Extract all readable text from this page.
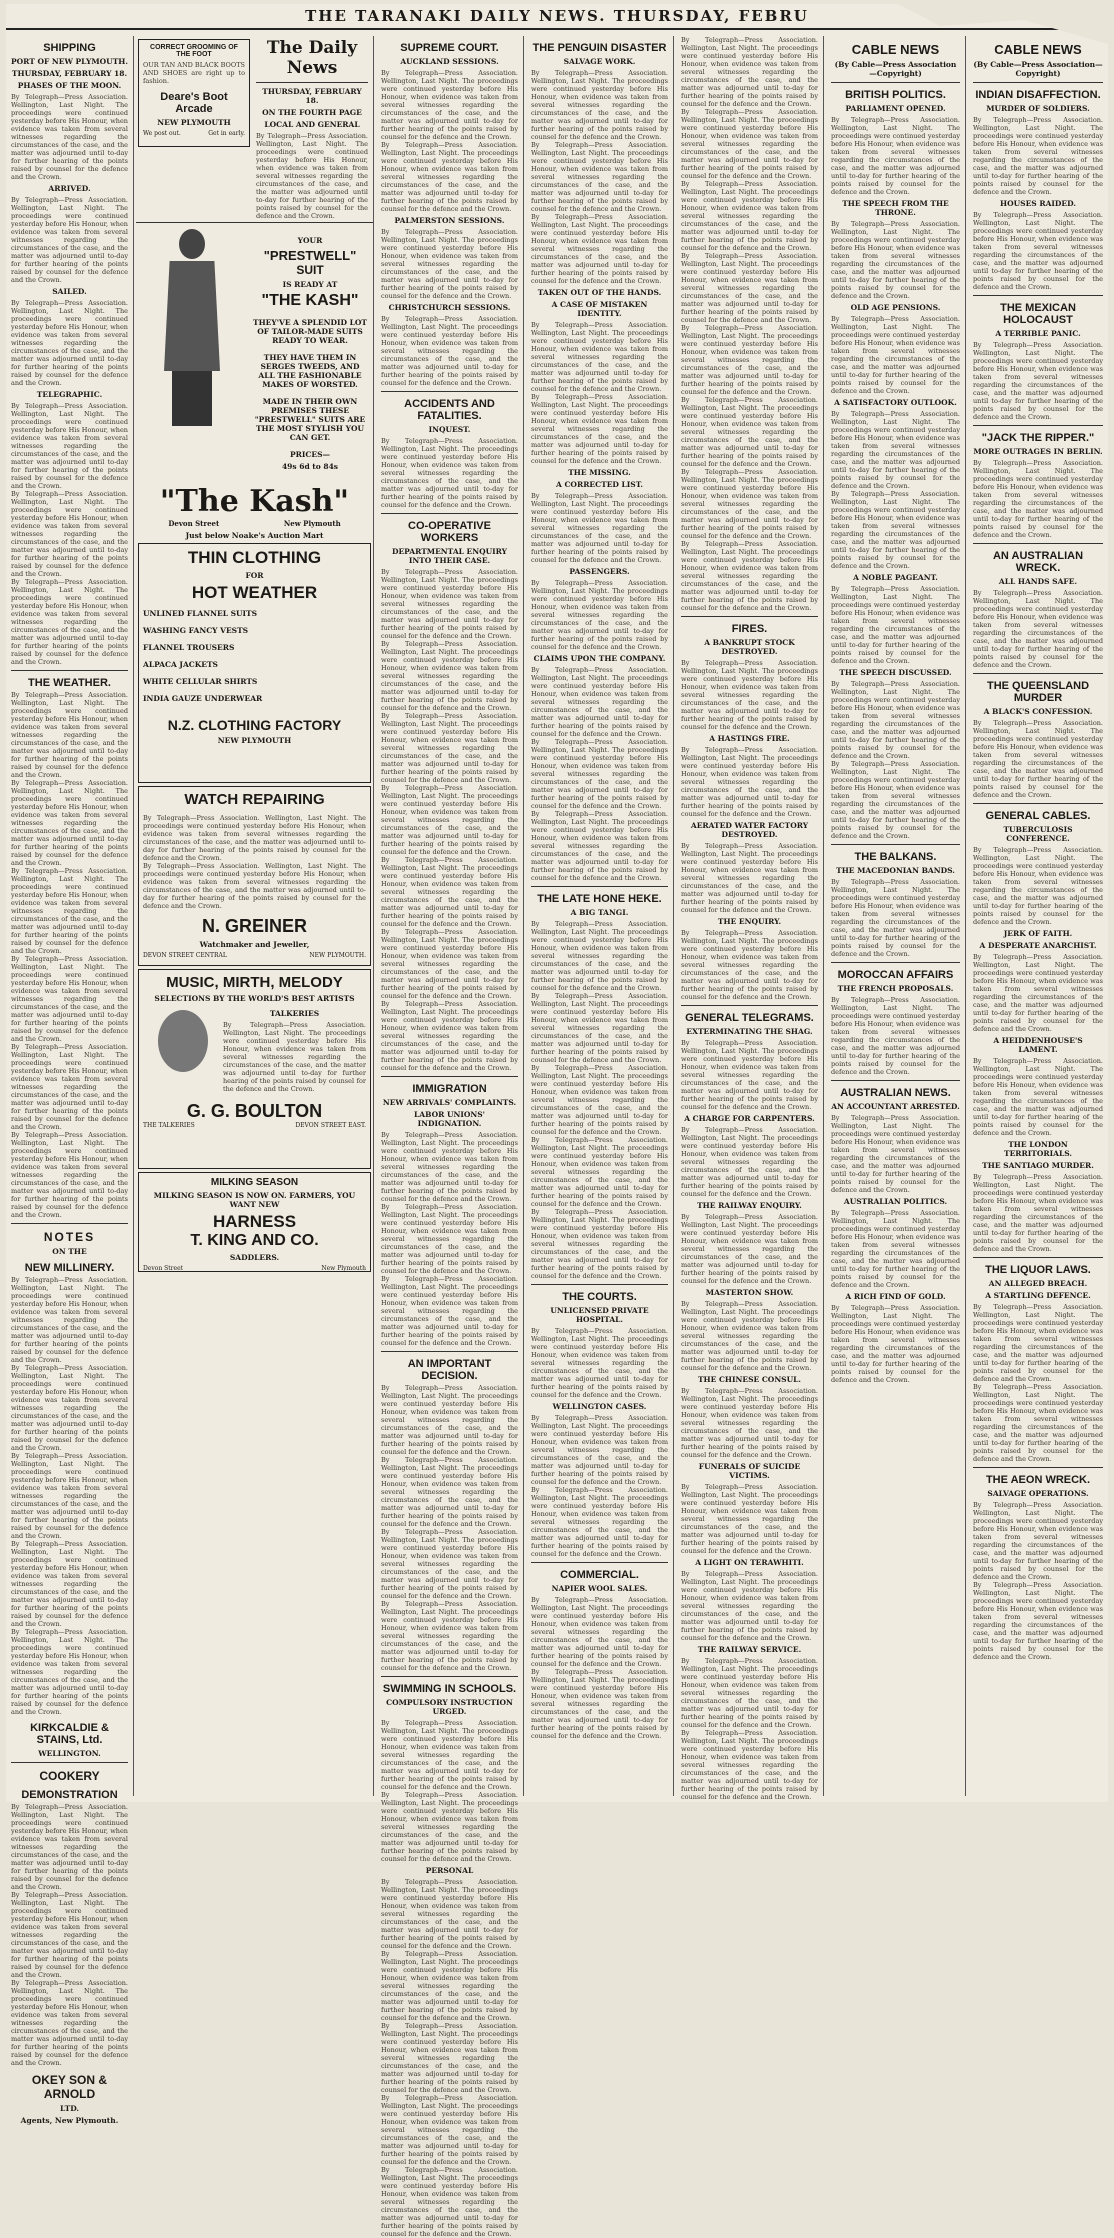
THE TARANAKI DAILY NEWS. THURSDAY, FEBRU
SHIPPING
PORT OF NEW PLYMOUTH.
THURSDAY, FEBRUARY 18.
PHASES OF THE MOON.
By Telegraph—Press Association. Wellington, Last Night. The proceedings were continued yesterday before His Honour, when evidence was taken from several witnesses regarding the circumstances of the case, and the matter was adjourned until to-day for further hearing of the points raised by counsel for the defence and the Crown.
ARRIVED.
By Telegraph—Press Association. Wellington, Last Night. The proceedings were continued yesterday before His Honour, when evidence was taken from several witnesses regarding the circumstances of the case, and the matter was adjourned until to-day for further hearing of the points raised by counsel for the defence and the Crown.
SAILED.
By Telegraph—Press Association. Wellington, Last Night. The proceedings were continued yesterday before His Honour, when evidence was taken from several witnesses regarding the circumstances of the case, and the matter was adjourned until to-day for further hearing of the points raised by counsel for the defence and the Crown.
TELEGRAPHIC.
By Telegraph—Press Association. Wellington, Last Night. The proceedings were continued yesterday before His Honour, when evidence was taken from several witnesses regarding the circumstances of the case, and the matter was adjourned until to-day for further hearing of the points raised by counsel for the defence and the Crown.
By Telegraph—Press Association. Wellington, Last Night. The proceedings were continued yesterday before His Honour, when evidence was taken from several witnesses regarding the circumstances of the case, and the matter was adjourned until to-day for further hearing of the points raised by counsel for the defence and the Crown.
By Telegraph—Press Association. Wellington, Last Night. The proceedings were continued yesterday before His Honour, when evidence was taken from several witnesses regarding the circumstances of the case, and the matter was adjourned until to-day for further hearing of the points raised by counsel for the defence and the Crown.
THE WEATHER.
By Telegraph—Press Association. Wellington, Last Night. The proceedings were continued yesterday before His Honour, when evidence was taken from several witnesses regarding the circumstances of the case, and the matter was adjourned until to-day for further hearing of the points raised by counsel for the defence and the Crown.
By Telegraph—Press Association. Wellington, Last Night. The proceedings were continued yesterday before His Honour, when evidence was taken from several witnesses regarding the circumstances of the case, and the matter was adjourned until to-day for further hearing of the points raised by counsel for the defence and the Crown.
By Telegraph—Press Association. Wellington, Last Night. The proceedings were continued yesterday before His Honour, when evidence was taken from several witnesses regarding the circumstances of the case, and the matter was adjourned until to-day for further hearing of the points raised by counsel for the defence and the Crown.
By Telegraph—Press Association. Wellington, Last Night. The proceedings were continued yesterday before His Honour, when evidence was taken from several witnesses regarding the circumstances of the case, and the matter was adjourned until to-day for further hearing of the points raised by counsel for the defence and the Crown.
By Telegraph—Press Association. Wellington, Last Night. The proceedings were continued yesterday before His Honour, when evidence was taken from several witnesses regarding the circumstances of the case, and the matter was adjourned until to-day for further hearing of the points raised by counsel for the defence and the Crown.
By Telegraph—Press Association. Wellington, Last Night. The proceedings were continued yesterday before His Honour, when evidence was taken from several witnesses regarding the circumstances of the case, and the matter was adjourned until to-day for further hearing of the points raised by counsel for the defence and the Crown.
NOTES
ON THE
NEW MILLINERY.
By Telegraph—Press Association. Wellington, Last Night. The proceedings were continued yesterday before His Honour, when evidence was taken from several witnesses regarding the circumstances of the case, and the matter was adjourned until to-day for further hearing of the points raised by counsel for the defence and the Crown.
By Telegraph—Press Association. Wellington, Last Night. The proceedings were continued yesterday before His Honour, when evidence was taken from several witnesses regarding the circumstances of the case, and the matter was adjourned until to-day for further hearing of the points raised by counsel for the defence and the Crown.
By Telegraph—Press Association. Wellington, Last Night. The proceedings were continued yesterday before His Honour, when evidence was taken from several witnesses regarding the circumstances of the case, and the matter was adjourned until to-day for further hearing of the points raised by counsel for the defence and the Crown.
By Telegraph—Press Association. Wellington, Last Night. The proceedings were continued yesterday before His Honour, when evidence was taken from several witnesses regarding the circumstances of the case, and the matter was adjourned until to-day for further hearing of the points raised by counsel for the defence and the Crown.
By Telegraph—Press Association. Wellington, Last Night. The proceedings were continued yesterday before His Honour, when evidence was taken from several witnesses regarding the circumstances of the case, and the matter was adjourned until to-day for further hearing of the points raised by counsel for the defence and the Crown.
KIRKCALDIE & STAINS, Ltd.
WELLINGTON.
COOKERY
DEMONSTRATION
By Telegraph—Press Association. Wellington, Last Night. The proceedings were continued yesterday before His Honour, when evidence was taken from several witnesses regarding the circumstances of the case, and the matter was adjourned until to-day for further hearing of the points raised by counsel for the defence and the Crown.
By Telegraph—Press Association. Wellington, Last Night. The proceedings were continued yesterday before His Honour, when evidence was taken from several witnesses regarding the circumstances of the case, and the matter was adjourned until to-day for further hearing of the points raised by counsel for the defence and the Crown.
By Telegraph—Press Association. Wellington, Last Night. The proceedings were continued yesterday before His Honour, when evidence was taken from several witnesses regarding the circumstances of the case, and the matter was adjourned until to-day for further hearing of the points raised by counsel for the defence and the Crown.
OKEY SON & ARNOLD
LTD.
Agents, New Plymouth.
CORRECT GROOMING OF THE FOOT
OUR TAN AND BLACK BOOTS AND SHOES are right up to fashion.
Deare's Boot Arcade
NEW PLYMOUTH
We post out.	Get in early.
The Daily News
THURSDAY, FEBRUARY 18.
ON THE FOURTH PAGE
LOCAL AND GENERAL
By Telegraph—Press Association. Wellington, Last Night. The proceedings were continued yesterday before His Honour, when evidence was taken from several witnesses regarding the circumstances of the case, and the matter was adjourned until to-day for further hearing of the points raised by counsel for the defence and the Crown.
YOUR
"PRESTWELL"
SUIT
IS READY AT
"THE KASH"
THEY'VE A SPLENDID LOT OF TAILOR-MADE SUITS READY TO WEAR.
THEY HAVE THEM IN SERGES TWEEDS, AND ALL THE FASHIONABLE MAKES OF WORSTED.
MADE IN THEIR OWN PREMISES THESE "PRESTWELL" SUITS ARE THE MOST STYLISH YOU CAN GET.
PRICES—
49s 6d to 84s
"The Kash"
Devon Street	New Plymouth
Just below Noake's Auction Mart
THIN CLOTHING
FOR
HOT WEATHER
UNLINED FLANNEL SUITS
WASHING FANCY VESTS
FLANNEL TROUSERS
ALPACA JACKETS
WHITE CELLULAR SHIRTS
INDIA GAUZE UNDERWEAR
N.Z. CLOTHING FACTORY
NEW PLYMOUTH
WATCH REPAIRING
By Telegraph—Press Association. Wellington, Last Night. The proceedings were continued yesterday before His Honour, when evidence was taken from several witnesses regarding the circumstances of the case, and the matter was adjourned until to-day for further hearing of the points raised by counsel for the defence and the Crown.
By Telegraph—Press Association. Wellington, Last Night. The proceedings were continued yesterday before His Honour, when evidence was taken from several witnesses regarding the circumstances of the case, and the matter was adjourned until to-day for further hearing of the points raised by counsel for the defence and the Crown.
N. GREINER
Watchmaker and Jeweller,
DEVON STREET CENTRAL	NEW PLYMOUTH.
MUSIC, MIRTH, MELODY
SELECTIONS BY THE WORLD'S BEST ARTISTS
TALKERIES
By Telegraph—Press Association. Wellington, Last Night. The proceedings were continued yesterday before His Honour, when evidence was taken from several witnesses regarding the circumstances of the case, and the matter was adjourned until to-day for further hearing of the points raised by counsel for the defence and the Crown.
G. G. BOULTON
THE TALKERIES	DEVON STREET EAST.
MILKING SEASON
MILKING SEASON IS NOW ON. FARMERS, YOU WANT NEW
HARNESS
T. KING AND CO.
SADDLERS.
Devon Street	New Plymouth
SUPREME COURT.
AUCKLAND SESSIONS.
By Telegraph—Press Association. Wellington, Last Night. The proceedings were continued yesterday before His Honour, when evidence was taken from several witnesses regarding the circumstances of the case, and the matter was adjourned until to-day for further hearing of the points raised by counsel for the defence and the Crown.
By Telegraph—Press Association. Wellington, Last Night. The proceedings were continued yesterday before His Honour, when evidence was taken from several witnesses regarding the circumstances of the case, and the matter was adjourned until to-day for further hearing of the points raised by counsel for the defence and the Crown.
PALMERSTON SESSIONS.
By Telegraph—Press Association. Wellington, Last Night. The proceedings were continued yesterday before His Honour, when evidence was taken from several witnesses regarding the circumstances of the case, and the matter was adjourned until to-day for further hearing of the points raised by counsel for the defence and the Crown.
CHRISTCHURCH SESSIONS.
By Telegraph—Press Association. Wellington, Last Night. The proceedings were continued yesterday before His Honour, when evidence was taken from several witnesses regarding the circumstances of the case, and the matter was adjourned until to-day for further hearing of the points raised by counsel for the defence and the Crown.
ACCIDENTS AND FATALITIES.
INQUEST.
By Telegraph—Press Association. Wellington, Last Night. The proceedings were continued yesterday before His Honour, when evidence was taken from several witnesses regarding the circumstances of the case, and the matter was adjourned until to-day for further hearing of the points raised by counsel for the defence and the Crown.
CO-OPERATIVE WORKERS
DEPARTMENTAL ENQUIRY INTO THEIR CASE.
By Telegraph—Press Association. Wellington, Last Night. The proceedings were continued yesterday before His Honour, when evidence was taken from several witnesses regarding the circumstances of the case, and the matter was adjourned until to-day for further hearing of the points raised by counsel for the defence and the Crown.
By Telegraph—Press Association. Wellington, Last Night. The proceedings were continued yesterday before His Honour, when evidence was taken from several witnesses regarding the circumstances of the case, and the matter was adjourned until to-day for further hearing of the points raised by counsel for the defence and the Crown.
By Telegraph—Press Association. Wellington, Last Night. The proceedings were continued yesterday before His Honour, when evidence was taken from several witnesses regarding the circumstances of the case, and the matter was adjourned until to-day for further hearing of the points raised by counsel for the defence and the Crown.
By Telegraph—Press Association. Wellington, Last Night. The proceedings were continued yesterday before His Honour, when evidence was taken from several witnesses regarding the circumstances of the case, and the matter was adjourned until to-day for further hearing of the points raised by counsel for the defence and the Crown.
By Telegraph—Press Association. Wellington, Last Night. The proceedings were continued yesterday before His Honour, when evidence was taken from several witnesses regarding the circumstances of the case, and the matter was adjourned until to-day for further hearing of the points raised by counsel for the defence and the Crown.
By Telegraph—Press Association. Wellington, Last Night. The proceedings were continued yesterday before His Honour, when evidence was taken from several witnesses regarding the circumstances of the case, and the matter was adjourned until to-day for further hearing of the points raised by counsel for the defence and the Crown.
By Telegraph—Press Association. Wellington, Last Night. The proceedings were continued yesterday before His Honour, when evidence was taken from several witnesses regarding the circumstances of the case, and the matter was adjourned until to-day for further hearing of the points raised by counsel for the defence and the Crown.
IMMIGRATION
NEW ARRIVALS' COMPLAINTS.
LABOR UNIONS' INDIGNATION.
By Telegraph—Press Association. Wellington, Last Night. The proceedings were continued yesterday before His Honour, when evidence was taken from several witnesses regarding the circumstances of the case, and the matter was adjourned until to-day for further hearing of the points raised by counsel for the defence and the Crown.
By Telegraph—Press Association. Wellington, Last Night. The proceedings were continued yesterday before His Honour, when evidence was taken from several witnesses regarding the circumstances of the case, and the matter was adjourned until to-day for further hearing of the points raised by counsel for the defence and the Crown.
By Telegraph—Press Association. Wellington, Last Night. The proceedings were continued yesterday before His Honour, when evidence was taken from several witnesses regarding the circumstances of the case, and the matter was adjourned until to-day for further hearing of the points raised by counsel for the defence and the Crown.
AN IMPORTANT DECISION.
By Telegraph—Press Association. Wellington, Last Night. The proceedings were continued yesterday before His Honour, when evidence was taken from several witnesses regarding the circumstances of the case, and the matter was adjourned until to-day for further hearing of the points raised by counsel for the defence and the Crown.
By Telegraph—Press Association. Wellington, Last Night. The proceedings were continued yesterday before His Honour, when evidence was taken from several witnesses regarding the circumstances of the case, and the matter was adjourned until to-day for further hearing of the points raised by counsel for the defence and the Crown.
By Telegraph—Press Association. Wellington, Last Night. The proceedings were continued yesterday before His Honour, when evidence was taken from several witnesses regarding the circumstances of the case, and the matter was adjourned until to-day for further hearing of the points raised by counsel for the defence and the Crown.
By Telegraph—Press Association. Wellington, Last Night. The proceedings were continued yesterday before His Honour, when evidence was taken from several witnesses regarding the circumstances of the case, and the matter was adjourned until to-day for further hearing of the points raised by counsel for the defence and the Crown.
SWIMMING IN SCHOOLS.
COMPULSORY INSTRUCTION URGED.
By Telegraph—Press Association. Wellington, Last Night. The proceedings were continued yesterday before His Honour, when evidence was taken from several witnesses regarding the circumstances of the case, and the matter was adjourned until to-day for further hearing of the points raised by counsel for the defence and the Crown.
By Telegraph—Press Association. Wellington, Last Night. The proceedings were continued yesterday before His Honour, when evidence was taken from several witnesses regarding the circumstances of the case, and the matter was adjourned until to-day for further hearing of the points raised by counsel for the defence and the Crown.
PERSONAL
By Telegraph—Press Association. Wellington, Last Night. The proceedings were continued yesterday before His Honour, when evidence was taken from several witnesses regarding the circumstances of the case, and the matter was adjourned until to-day for further hearing of the points raised by counsel for the defence and the Crown.
By Telegraph—Press Association. Wellington, Last Night. The proceedings were continued yesterday before His Honour, when evidence was taken from several witnesses regarding the circumstances of the case, and the matter was adjourned until to-day for further hearing of the points raised by counsel for the defence and the Crown.
By Telegraph—Press Association. Wellington, Last Night. The proceedings were continued yesterday before His Honour, when evidence was taken from several witnesses regarding the circumstances of the case, and the matter was adjourned until to-day for further hearing of the points raised by counsel for the defence and the Crown.
By Telegraph—Press Association. Wellington, Last Night. The proceedings were continued yesterday before His Honour, when evidence was taken from several witnesses regarding the circumstances of the case, and the matter was adjourned until to-day for further hearing of the points raised by counsel for the defence and the Crown.
By Telegraph—Press Association. Wellington, Last Night. The proceedings were continued yesterday before His Honour, when evidence was taken from several witnesses regarding the circumstances of the case, and the matter was adjourned until to-day for further hearing of the points raised by counsel for the defence and the Crown.
THE PENGUIN DISASTER
SALVAGE WORK.
By Telegraph—Press Association. Wellington, Last Night. The proceedings were continued yesterday before His Honour, when evidence was taken from several witnesses regarding the circumstances of the case, and the matter was adjourned until to-day for further hearing of the points raised by counsel for the defence and the Crown.
By Telegraph—Press Association. Wellington, Last Night. The proceedings were continued yesterday before His Honour, when evidence was taken from several witnesses regarding the circumstances of the case, and the matter was adjourned until to-day for further hearing of the points raised by counsel for the defence and the Crown.
By Telegraph—Press Association. Wellington, Last Night. The proceedings were continued yesterday before His Honour, when evidence was taken from several witnesses regarding the circumstances of the case, and the matter was adjourned until to-day for further hearing of the points raised by counsel for the defence and the Crown.
TAKEN OUT OF THE HANDS.
A CASE OF MISTAKEN IDENTITY.
By Telegraph—Press Association. Wellington, Last Night. The proceedings were continued yesterday before His Honour, when evidence was taken from several witnesses regarding the circumstances of the case, and the matter was adjourned until to-day for further hearing of the points raised by counsel for the defence and the Crown.
By Telegraph—Press Association. Wellington, Last Night. The proceedings were continued yesterday before His Honour, when evidence was taken from several witnesses regarding the circumstances of the case, and the matter was adjourned until to-day for further hearing of the points raised by counsel for the defence and the Crown.
THE MISSING.
A CORRECTED LIST.
By Telegraph—Press Association. Wellington, Last Night. The proceedings were continued yesterday before His Honour, when evidence was taken from several witnesses regarding the circumstances of the case, and the matter was adjourned until to-day for further hearing of the points raised by counsel for the defence and the Crown.
PASSENGERS.
By Telegraph—Press Association. Wellington, Last Night. The proceedings were continued yesterday before His Honour, when evidence was taken from several witnesses regarding the circumstances of the case, and the matter was adjourned until to-day for further hearing of the points raised by counsel for the defence and the Crown.
CLAIMS UPON THE COMPANY.
By Telegraph—Press Association. Wellington, Last Night. The proceedings were continued yesterday before His Honour, when evidence was taken from several witnesses regarding the circumstances of the case, and the matter was adjourned until to-day for further hearing of the points raised by counsel for the defence and the Crown.
By Telegraph—Press Association. Wellington, Last Night. The proceedings were continued yesterday before His Honour, when evidence was taken from several witnesses regarding the circumstances of the case, and the matter was adjourned until to-day for further hearing of the points raised by counsel for the defence and the Crown.
By Telegraph—Press Association. Wellington, Last Night. The proceedings were continued yesterday before His Honour, when evidence was taken from several witnesses regarding the circumstances of the case, and the matter was adjourned until to-day for further hearing of the points raised by counsel for the defence and the Crown.
THE LATE HONE HEKE.
A BIG TANGI.
By Telegraph—Press Association. Wellington, Last Night. The proceedings were continued yesterday before His Honour, when evidence was taken from several witnesses regarding the circumstances of the case, and the matter was adjourned until to-day for further hearing of the points raised by counsel for the defence and the Crown.
By Telegraph—Press Association. Wellington, Last Night. The proceedings were continued yesterday before His Honour, when evidence was taken from several witnesses regarding the circumstances of the case, and the matter was adjourned until to-day for further hearing of the points raised by counsel for the defence and the Crown.
By Telegraph—Press Association. Wellington, Last Night. The proceedings were continued yesterday before His Honour, when evidence was taken from several witnesses regarding the circumstances of the case, and the matter was adjourned until to-day for further hearing of the points raised by counsel for the defence and the Crown.
By Telegraph—Press Association. Wellington, Last Night. The proceedings were continued yesterday before His Honour, when evidence was taken from several witnesses regarding the circumstances of the case, and the matter was adjourned until to-day for further hearing of the points raised by counsel for the defence and the Crown.
By Telegraph—Press Association. Wellington, Last Night. The proceedings were continued yesterday before His Honour, when evidence was taken from several witnesses regarding the circumstances of the case, and the matter was adjourned until to-day for further hearing of the points raised by counsel for the defence and the Crown.
THE COURTS.
UNLICENSED PRIVATE HOSPITAL.
By Telegraph—Press Association. Wellington, Last Night. The proceedings were continued yesterday before His Honour, when evidence was taken from several witnesses regarding the circumstances of the case, and the matter was adjourned until to-day for further hearing of the points raised by counsel for the defence and the Crown.
WELLINGTON CASES.
By Telegraph—Press Association. Wellington, Last Night. The proceedings were continued yesterday before His Honour, when evidence was taken from several witnesses regarding the circumstances of the case, and the matter was adjourned until to-day for further hearing of the points raised by counsel for the defence and the Crown.
By Telegraph—Press Association. Wellington, Last Night. The proceedings were continued yesterday before His Honour, when evidence was taken from several witnesses regarding the circumstances of the case, and the matter was adjourned until to-day for further hearing of the points raised by counsel for the defence and the Crown.
COMMERCIAL.
NAPIER WOOL SALES.
By Telegraph—Press Association. Wellington, Last Night. The proceedings were continued yesterday before His Honour, when evidence was taken from several witnesses regarding the circumstances of the case, and the matter was adjourned until to-day for further hearing of the points raised by counsel for the defence and the Crown.
By Telegraph—Press Association. Wellington, Last Night. The proceedings were continued yesterday before His Honour, when evidence was taken from several witnesses regarding the circumstances of the case, and the matter was adjourned until to-day for further hearing of the points raised by counsel for the defence and the Crown.
By Telegraph—Press Association. Wellington, Last Night. The proceedings were continued yesterday before His Honour, when evidence was taken from several witnesses regarding the circumstances of the case, and the matter was adjourned until to-day for further hearing of the points raised by counsel for the defence and the Crown.
By Telegraph—Press Association. Wellington, Last Night. The proceedings were continued yesterday before His Honour, when evidence was taken from several witnesses regarding the circumstances of the case, and the matter was adjourned until to-day for further hearing of the points raised by counsel for the defence and the Crown.
By Telegraph—Press Association. Wellington, Last Night. The proceedings were continued yesterday before His Honour, when evidence was taken from several witnesses regarding the circumstances of the case, and the matter was adjourned until to-day for further hearing of the points raised by counsel for the defence and the Crown.
By Telegraph—Press Association. Wellington, Last Night. The proceedings were continued yesterday before His Honour, when evidence was taken from several witnesses regarding the circumstances of the case, and the matter was adjourned until to-day for further hearing of the points raised by counsel for the defence and the Crown.
By Telegraph—Press Association. Wellington, Last Night. The proceedings were continued yesterday before His Honour, when evidence was taken from several witnesses regarding the circumstances of the case, and the matter was adjourned until to-day for further hearing of the points raised by counsel for the defence and the Crown.
By Telegraph—Press Association. Wellington, Last Night. The proceedings were continued yesterday before His Honour, when evidence was taken from several witnesses regarding the circumstances of the case, and the matter was adjourned until to-day for further hearing of the points raised by counsel for the defence and the Crown.
By Telegraph—Press Association. Wellington, Last Night. The proceedings were continued yesterday before His Honour, when evidence was taken from several witnesses regarding the circumstances of the case, and the matter was adjourned until to-day for further hearing of the points raised by counsel for the defence and the Crown.
By Telegraph—Press Association. Wellington, Last Night. The proceedings were continued yesterday before His Honour, when evidence was taken from several witnesses regarding the circumstances of the case, and the matter was adjourned until to-day for further hearing of the points raised by counsel for the defence and the Crown.
FIRES.
A BANKRUPT STOCK DESTROYED.
By Telegraph—Press Association. Wellington, Last Night. The proceedings were continued yesterday before His Honour, when evidence was taken from several witnesses regarding the circumstances of the case, and the matter was adjourned until to-day for further hearing of the points raised by counsel for the defence and the Crown.
A HASTINGS FIRE.
By Telegraph—Press Association. Wellington, Last Night. The proceedings were continued yesterday before His Honour, when evidence was taken from several witnesses regarding the circumstances of the case, and the matter was adjourned until to-day for further hearing of the points raised by counsel for the defence and the Crown.
AERATED WATER FACTORY DESTROYED.
By Telegraph—Press Association. Wellington, Last Night. The proceedings were continued yesterday before His Honour, when evidence was taken from several witnesses regarding the circumstances of the case, and the matter was adjourned until to-day for further hearing of the points raised by counsel for the defence and the Crown.
THE ENQUIRY.
By Telegraph—Press Association. Wellington, Last Night. The proceedings were continued yesterday before His Honour, when evidence was taken from several witnesses regarding the circumstances of the case, and the matter was adjourned until to-day for further hearing of the points raised by counsel for the defence and the Crown.
GENERAL TELEGRAMS.
EXTERMINATING THE SHAG.
By Telegraph—Press Association. Wellington, Last Night. The proceedings were continued yesterday before His Honour, when evidence was taken from several witnesses regarding the circumstances of the case, and the matter was adjourned until to-day for further hearing of the points raised by counsel for the defence and the Crown.
A CHARGE FOR CARPENTERS.
By Telegraph—Press Association. Wellington, Last Night. The proceedings were continued yesterday before His Honour, when evidence was taken from several witnesses regarding the circumstances of the case, and the matter was adjourned until to-day for further hearing of the points raised by counsel for the defence and the Crown.
THE RAILWAY ENQUIRY.
By Telegraph—Press Association. Wellington, Last Night. The proceedings were continued yesterday before His Honour, when evidence was taken from several witnesses regarding the circumstances of the case, and the matter was adjourned until to-day for further hearing of the points raised by counsel for the defence and the Crown.
MASTERTON SHOW.
By Telegraph—Press Association. Wellington, Last Night. The proceedings were continued yesterday before His Honour, when evidence was taken from several witnesses regarding the circumstances of the case, and the matter was adjourned until to-day for further hearing of the points raised by counsel for the defence and the Crown.
THE CHINESE CONSUL.
By Telegraph—Press Association. Wellington, Last Night. The proceedings were continued yesterday before His Honour, when evidence was taken from several witnesses regarding the circumstances of the case, and the matter was adjourned until to-day for further hearing of the points raised by counsel for the defence and the Crown.
FUNERALS OF SUICIDE VICTIMS.
By Telegraph—Press Association. Wellington, Last Night. The proceedings were continued yesterday before His Honour, when evidence was taken from several witnesses regarding the circumstances of the case, and the matter was adjourned until to-day for further hearing of the points raised by counsel for the defence and the Crown.
A LIGHT ON TERAWHITI.
By Telegraph—Press Association. Wellington, Last Night. The proceedings were continued yesterday before His Honour, when evidence was taken from several witnesses regarding the circumstances of the case, and the matter was adjourned until to-day for further hearing of the points raised by counsel for the defence and the Crown.
THE RAILWAY SERVICE.
By Telegraph—Press Association. Wellington, Last Night. The proceedings were continued yesterday before His Honour, when evidence was taken from several witnesses regarding the circumstances of the case, and the matter was adjourned until to-day for further hearing of the points raised by counsel for the defence and the Crown.
By Telegraph—Press Association. Wellington, Last Night. The proceedings were continued yesterday before His Honour, when evidence was taken from several witnesses regarding the circumstances of the case, and the matter was adjourned until to-day for further hearing of the points raised by counsel for the defence and the Crown.
CABLE NEWS
(By Cable—Press Association—Copyright)
BRITISH POLITICS.
PARLIAMENT OPENED.
By Telegraph—Press Association. Wellington, Last Night. The proceedings were continued yesterday before His Honour, when evidence was taken from several witnesses regarding the circumstances of the case, and the matter was adjourned until to-day for further hearing of the points raised by counsel for the defence and the Crown.
THE SPEECH FROM THE THRONE.
By Telegraph—Press Association. Wellington, Last Night. The proceedings were continued yesterday before His Honour, when evidence was taken from several witnesses regarding the circumstances of the case, and the matter was adjourned until to-day for further hearing of the points raised by counsel for the defence and the Crown.
OLD AGE PENSIONS.
By Telegraph—Press Association. Wellington, Last Night. The proceedings were continued yesterday before His Honour, when evidence was taken from several witnesses regarding the circumstances of the case, and the matter was adjourned until to-day for further hearing of the points raised by counsel for the defence and the Crown.
A SATISFACTORY OUTLOOK.
By Telegraph—Press Association. Wellington, Last Night. The proceedings were continued yesterday before His Honour, when evidence was taken from several witnesses regarding the circumstances of the case, and the matter was adjourned until to-day for further hearing of the points raised by counsel for the defence and the Crown.
By Telegraph—Press Association. Wellington, Last Night. The proceedings were continued yesterday before His Honour, when evidence was taken from several witnesses regarding the circumstances of the case, and the matter was adjourned until to-day for further hearing of the points raised by counsel for the defence and the Crown.
A NOBLE PAGEANT.
By Telegraph—Press Association. Wellington, Last Night. The proceedings were continued yesterday before His Honour, when evidence was taken from several witnesses regarding the circumstances of the case, and the matter was adjourned until to-day for further hearing of the points raised by counsel for the defence and the Crown.
THE SPEECH DISCUSSED.
By Telegraph—Press Association. Wellington, Last Night. The proceedings were continued yesterday before His Honour, when evidence was taken from several witnesses regarding the circumstances of the case, and the matter was adjourned until to-day for further hearing of the points raised by counsel for the defence and the Crown.
By Telegraph—Press Association. Wellington, Last Night. The proceedings were continued yesterday before His Honour, when evidence was taken from several witnesses regarding the circumstances of the case, and the matter was adjourned until to-day for further hearing of the points raised by counsel for the defence and the Crown.
THE BALKANS.
THE MACEDONIAN BANDS.
By Telegraph—Press Association. Wellington, Last Night. The proceedings were continued yesterday before His Honour, when evidence was taken from several witnesses regarding the circumstances of the case, and the matter was adjourned until to-day for further hearing of the points raised by counsel for the defence and the Crown.
MOROCCAN AFFAIRS
THE FRENCH PROPOSALS.
By Telegraph—Press Association. Wellington, Last Night. The proceedings were continued yesterday before His Honour, when evidence was taken from several witnesses regarding the circumstances of the case, and the matter was adjourned until to-day for further hearing of the points raised by counsel for the defence and the Crown.
AUSTRALIAN NEWS.
AN ACCOUNTANT ARRESTED.
By Telegraph—Press Association. Wellington, Last Night. The proceedings were continued yesterday before His Honour, when evidence was taken from several witnesses regarding the circumstances of the case, and the matter was adjourned until to-day for further hearing of the points raised by counsel for the defence and the Crown.
AUSTRALIAN POLITICS.
By Telegraph—Press Association. Wellington, Last Night. The proceedings were continued yesterday before His Honour, when evidence was taken from several witnesses regarding the circumstances of the case, and the matter was adjourned until to-day for further hearing of the points raised by counsel for the defence and the Crown.
A RICH FIND OF GOLD.
By Telegraph—Press Association. Wellington, Last Night. The proceedings were continued yesterday before His Honour, when evidence was taken from several witnesses regarding the circumstances of the case, and the matter was adjourned until to-day for further hearing of the points raised by counsel for the defence and the Crown.
CABLE NEWS
(By Cable—Press Association—Copyright)
INDIAN DISAFFECTION.
MURDER OF SOLDIERS.
By Telegraph—Press Association. Wellington, Last Night. The proceedings were continued yesterday before His Honour, when evidence was taken from several witnesses regarding the circumstances of the case, and the matter was adjourned until to-day for further hearing of the points raised by counsel for the defence and the Crown.
HOUSES RAIDED.
By Telegraph—Press Association. Wellington, Last Night. The proceedings were continued yesterday before His Honour, when evidence was taken from several witnesses regarding the circumstances of the case, and the matter was adjourned until to-day for further hearing of the points raised by counsel for the defence and the Crown.
THE MEXICAN HOLOCAUST
A TERRIBLE PANIC.
By Telegraph—Press Association. Wellington, Last Night. The proceedings were continued yesterday before His Honour, when evidence was taken from several witnesses regarding the circumstances of the case, and the matter was adjourned until to-day for further hearing of the points raised by counsel for the defence and the Crown.
"JACK THE RIPPER."
MORE OUTRAGES IN BERLIN.
By Telegraph—Press Association. Wellington, Last Night. The proceedings were continued yesterday before His Honour, when evidence was taken from several witnesses regarding the circumstances of the case, and the matter was adjourned until to-day for further hearing of the points raised by counsel for the defence and the Crown.
AN AUSTRALIAN WRECK.
ALL HANDS SAFE.
By Telegraph—Press Association. Wellington, Last Night. The proceedings were continued yesterday before His Honour, when evidence was taken from several witnesses regarding the circumstances of the case, and the matter was adjourned until to-day for further hearing of the points raised by counsel for the defence and the Crown.
THE QUEENSLAND MURDER
A BLACK'S CONFESSION.
By Telegraph—Press Association. Wellington, Last Night. The proceedings were continued yesterday before His Honour, when evidence was taken from several witnesses regarding the circumstances of the case, and the matter was adjourned until to-day for further hearing of the points raised by counsel for the defence and the Crown.
GENERAL CABLES.
TUBERCULOSIS CONFERENCE.
By Telegraph—Press Association. Wellington, Last Night. The proceedings were continued yesterday before His Honour, when evidence was taken from several witnesses regarding the circumstances of the case, and the matter was adjourned until to-day for further hearing of the points raised by counsel for the defence and the Crown.
JERK OF FAITH.
A DESPERATE ANARCHIST.
By Telegraph—Press Association. Wellington, Last Night. The proceedings were continued yesterday before His Honour, when evidence was taken from several witnesses regarding the circumstances of the case, and the matter was adjourned until to-day for further hearing of the points raised by counsel for the defence and the Crown.
A HEIDDENHOUSE'S LAMENT.
By Telegraph—Press Association. Wellington, Last Night. The proceedings were continued yesterday before His Honour, when evidence was taken from several witnesses regarding the circumstances of the case, and the matter was adjourned until to-day for further hearing of the points raised by counsel for the defence and the Crown.
THE LONDON TERRITORIALS.
THE SANTIAGO MURDER.
By Telegraph—Press Association. Wellington, Last Night. The proceedings were continued yesterday before His Honour, when evidence was taken from several witnesses regarding the circumstances of the case, and the matter was adjourned until to-day for further hearing of the points raised by counsel for the defence and the Crown.
THE LIQUOR LAWS.
AN ALLEGED BREACH.
A STARTLING DEFENCE.
By Telegraph—Press Association. Wellington, Last Night. The proceedings were continued yesterday before His Honour, when evidence was taken from several witnesses regarding the circumstances of the case, and the matter was adjourned until to-day for further hearing of the points raised by counsel for the defence and the Crown.
By Telegraph—Press Association. Wellington, Last Night. The proceedings were continued yesterday before His Honour, when evidence was taken from several witnesses regarding the circumstances of the case, and the matter was adjourned until to-day for further hearing of the points raised by counsel for the defence and the Crown.
THE AEON WRECK.
SALVAGE OPERATIONS.
By Telegraph—Press Association. Wellington, Last Night. The proceedings were continued yesterday before His Honour, when evidence was taken from several witnesses regarding the circumstances of the case, and the matter was adjourned until to-day for further hearing of the points raised by counsel for the defence and the Crown.
By Telegraph—Press Association. Wellington, Last Night. The proceedings were continued yesterday before His Honour, when evidence was taken from several witnesses regarding the circumstances of the case, and the matter was adjourned until to-day for further hearing of the points raised by counsel for the defence and the Crown.
